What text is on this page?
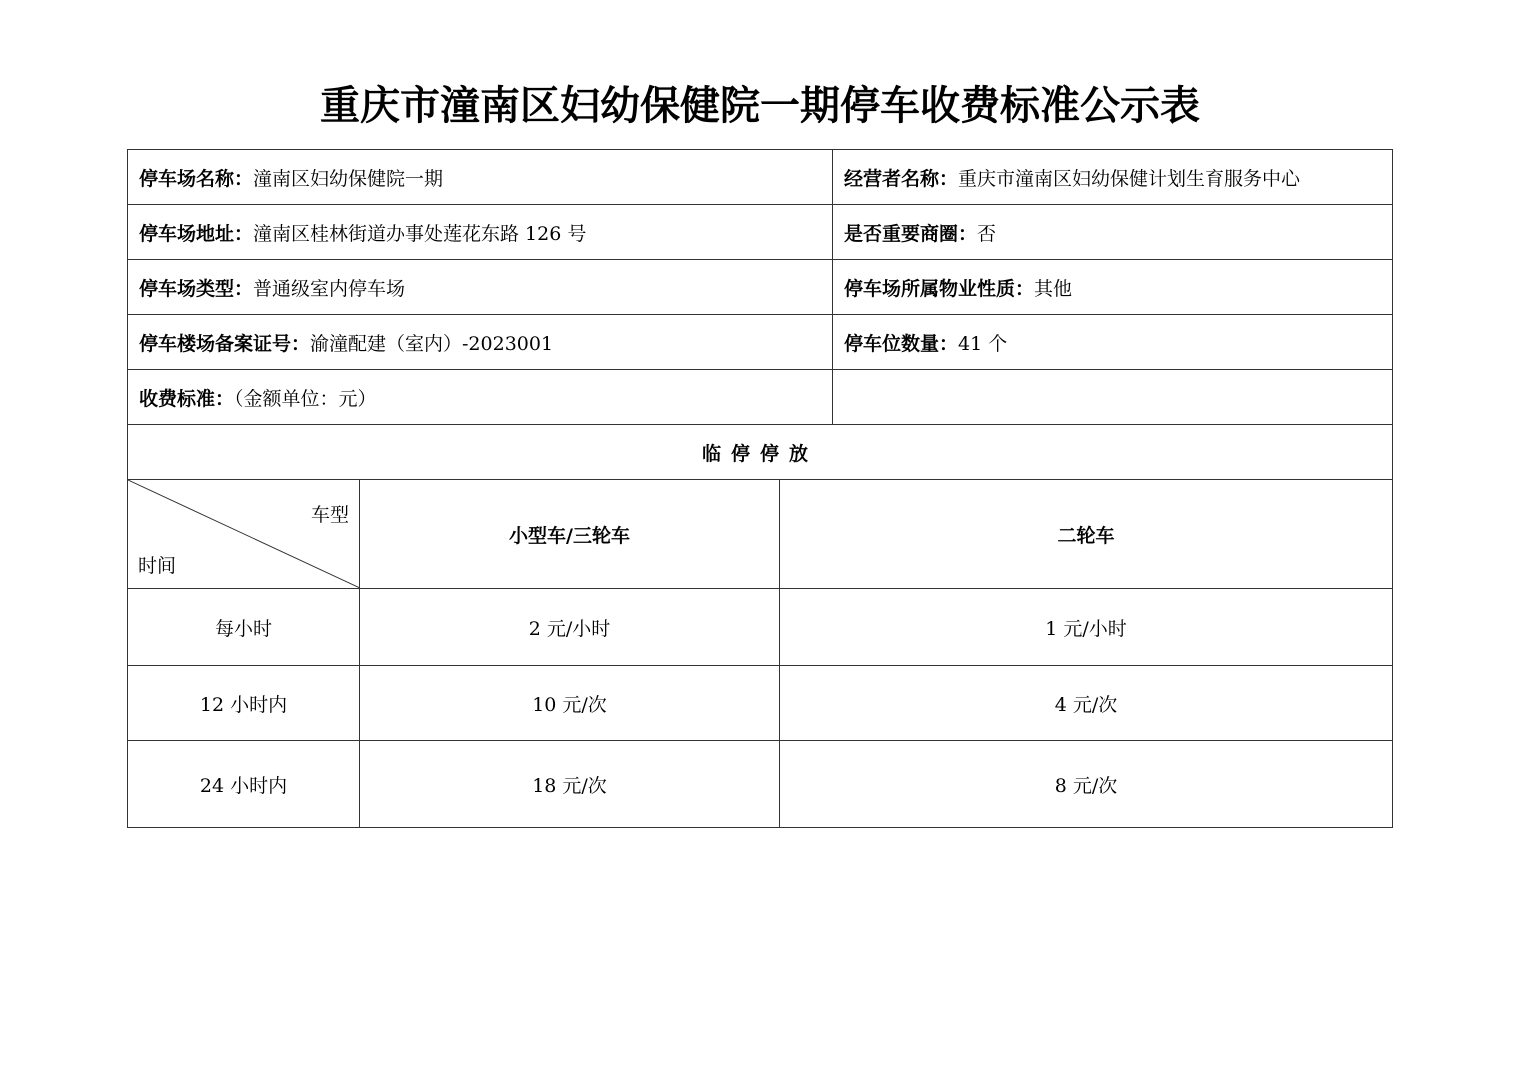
重庆市潼南区妇幼保健院一期停车收费标准公示表
停车场名称：潼南区妇幼保健院一期			经营者名称：重庆市潼南区妇幼保健计划生育服务中心
停车场地址：潼南区桂林街道办事处莲花东路 126 号			是否重要商圈：否
停车场类型：普通级室内停车场			停车场所属物业性质：其他
停车楼场备案证号：渝潼配建（室内）-2023001			停车位数量：41 个
收费标准：（金额单位：元）			
临停停放			

车型
时间	小型车/三轮车	二轮车	
每小时	2 元/小时	1 元/小时	
12 小时内	10 元/次	4 元/次	
24 小时内	18 元/次	8 元/次	
